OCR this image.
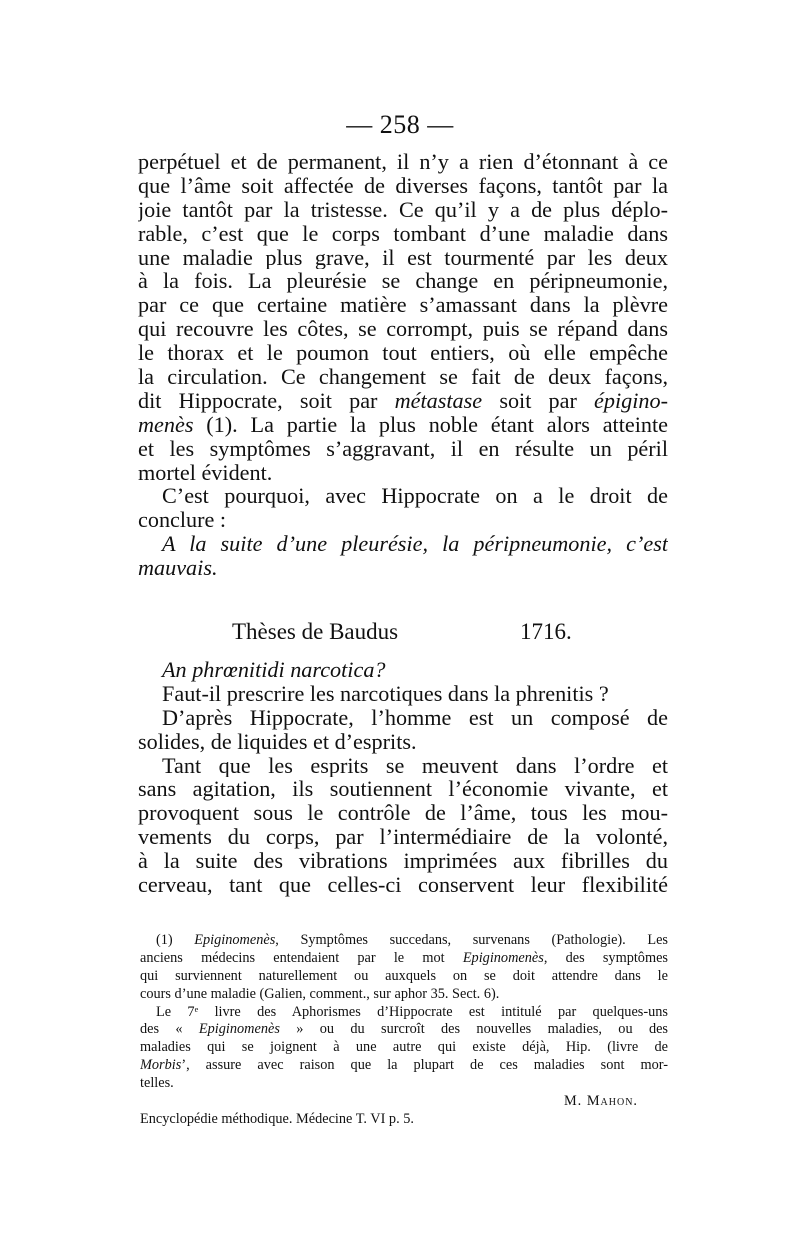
— 258 —
perpétuel et de permanent, il n’y a rien d’étonnant à ce
que l’âme soit affectée de diverses façons, tantôt par la
joie tantôt par la tristesse. Ce qu’il y a de plus déplo-
rable, c’est que le corps tombant d’une maladie dans
une maladie plus grave, il est tourmenté par les deux
à la fois. La pleurésie se change en péripneumonie,
par ce que certaine matière s’amassant dans la plèvre
qui recouvre les côtes, se corrompt, puis se répand dans
le thorax et le poumon tout entiers, où elle empêche
la circulation. Ce changement se fait de deux façons,
dit Hippocrate, soit par métastase soit par épigino-
menès (1). La partie la plus noble étant alors atteinte
et les symptômes s’aggravant, il en résulte un péril
mortel évident.
C’est pourquoi, avec Hippocrate on a le droit de
conclure :
A la suite d’une pleurésie, la péripneumonie, c’est
mauvais.
Thèses de Baudus	1716.
An phrœnitidi narcotica?
Faut-il prescrire les narcotiques dans la phrenitis ?
D’après Hippocrate, l’homme est un composé de
solides, de liquides et d’esprits.
Tant que les esprits se meuvent dans l’ordre et
sans agitation, ils soutiennent l’économie vivante, et
provoquent sous le contrôle de l’âme, tous les mou-
vements du corps, par l’intermédiaire de la volonté,
à la suite des vibrations imprimées aux fibrilles du
cerveau, tant que celles-ci conservent leur flexibilité
(1) Epiginomenès, Symptômes succedans, survenans (Pathologie). Les
anciens médecins entendaient par le mot Epiginomenès, des symptômes
qui surviennent naturellement ou auxquels on se doit attendre dans le
cours d’une maladie (Galien, comment., sur aphor 35. Sect. 6).
Le 7ᵉ livre des Aphorismes d’Hippocrate est intitulé par quelques-uns
des « Epiginomenès » ou du surcroît des nouvelles maladies, ou des
maladies qui se joignent à une autre qui existe déjà, Hip. (livre de
Morbis’, assure avec raison que la plupart de ces maladies sont mor-
telles.
M. Mahon.
Encyclopédie méthodique. Médecine T. VI p. 5.
